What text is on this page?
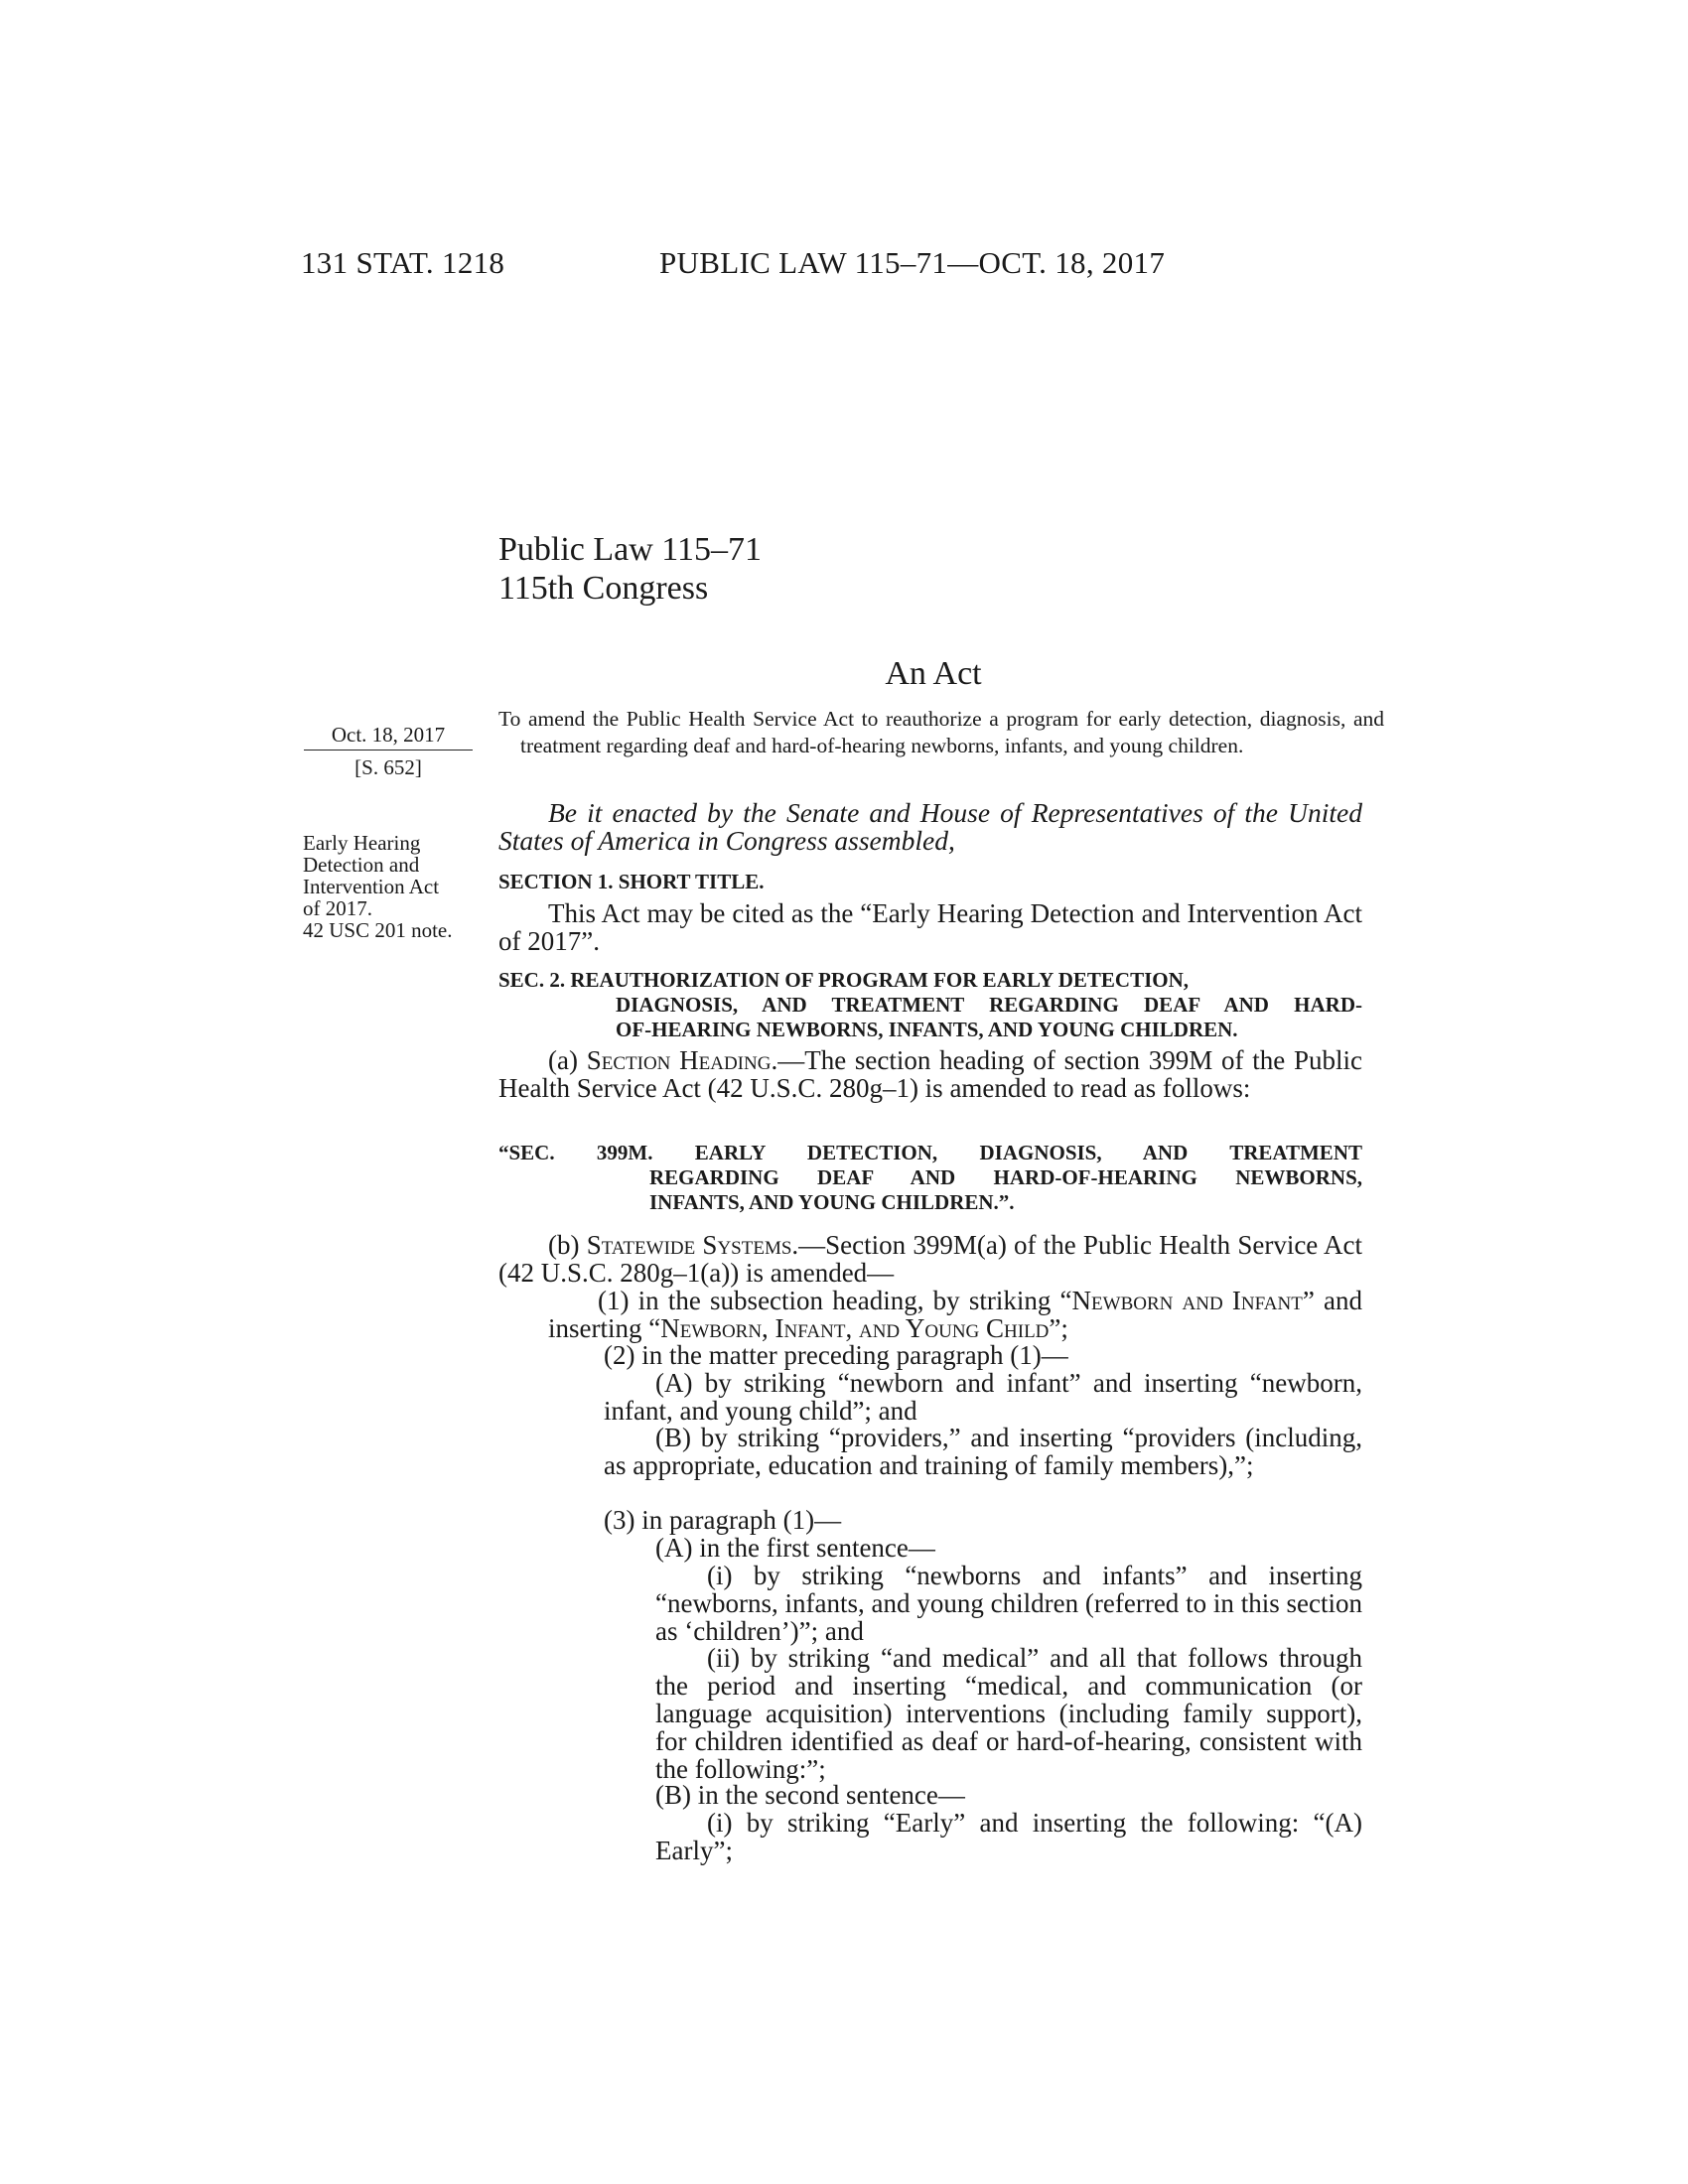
131 STAT. 1218	PUBLIC LAW 115–71—OCT. 18, 2017
Public Law 115–71
115th Congress
An Act
Oct. 18, 2017
[S. 652]
Early Hearing
Detection and
Intervention Act
of 2017.
42 USC 201 note.
To amend the Public Health Service Act to reauthorize a program for early detection, diagnosis, and treatment regarding deaf and hard-of-hearing newborns, infants, and young children.
Be it enacted by the Senate and House of Representatives of the United States of America in Congress assembled,
SECTION 1. SHORT TITLE.
This Act may be cited as the “Early Hearing Detection and Intervention Act of 2017”.
SEC. 2. REAUTHORIZATION OF PROGRAM FOR EARLY DETECTION,
DIAGNOSIS, AND TREATMENT REGARDING DEAF AND HARD-
OF-HEARING NEWBORNS, INFANTS, AND YOUNG CHILDREN.
(a) Section Heading.—The section heading of section 399M of the Public Health Service Act (42 U.S.C. 280g–1) is amended to read as follows:
“SEC. 399M. EARLY DETECTION, DIAGNOSIS, AND TREATMENT
REGARDING DEAF AND HARD-OF-HEARING NEWBORNS,
INFANTS, AND YOUNG CHILDREN.”.
(b) Statewide Systems.—Section 399M(a) of the Public Health Service Act (42 U.S.C. 280g–1(a)) is amended—
(1) in the subsection heading, by striking “Newborn and Infant” and inserting “Newborn, Infant, and Young Child”;
(2) in the matter preceding paragraph (1)—
(A) by striking “newborn and infant” and inserting “newborn, infant, and young child”; and
(B) by striking “providers,” and inserting “providers (including, as appropriate, education and training of family members),”;
(3) in paragraph (1)—
(A) in the first sentence—
(i) by striking “newborns and infants” and inserting “newborns, infants, and young children (referred to in this section as ‘children’)”; and
(ii) by striking “and medical” and all that follows through the period and inserting “medical, and communication (or language acquisition) interventions (including family support), for children identified as deaf or hard-of-hearing, consistent with the following:”;
(B) in the second sentence—
(i) by striking “Early” and inserting the following: “(A) Early”;
